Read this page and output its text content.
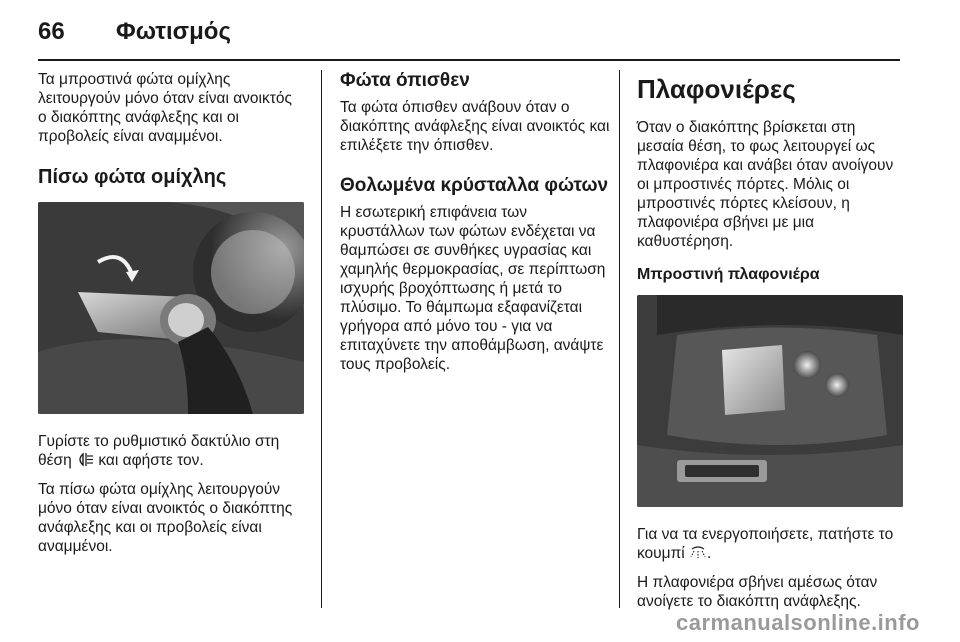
66 Φωτισμός

Τα μπροστινά φώτα ομίχλης λειτουργούν μόνο όταν είναι ανοικτός ο διακόπτης ανάφλεξης και οι προβολείς είναι αναμμένοι.

Πίσω φώτα ομίχλης

Γυρίστε το ρυθμιστικό δακτύλιο στη θέση και αφήστε τον.

Τα πίσω φώτα ομίχλης λειτουργούν μόνο όταν είναι ανοικτός ο διακόπτης ανάφλεξης και οι προβολείς είναι αναμμένοι.

Φώτα όπισθεν

Τα φώτα όπισθεν ανάβουν όταν ο διακόπτης ανάφλεξης είναι ανοικτός και επιλέξετε την όπισθεν.

Θολωμένα κρύσταλλα φώτων

Η εσωτερική επιφάνεια των κρυστάλλων των φώτων ενδέχεται να θαμπώσει σε συνθήκες υγρασίας και χαμηλής θερμοκρασίας, σε περίπτωση ισχυρής βροχόπτωσης ή μετά το πλύσιμο. Το θάμπωμα εξαφανίζεται γρήγορα από μόνο του - για να επιταχύνετε την αποθάμβωση, ανάψτε τους προβολείς.

Πλαφονιέρες

Όταν ο διακόπτης βρίσκεται στη μεσαία θέση, το φως λειτουργεί ως πλαφονιέρα και ανάβει όταν ανοίγουν οι μπροστινές πόρτες. Μόλις οι μπροστινές πόρτες κλείσουν, η πλαφονιέρα σβήνει με μια καθυστέρηση.

Μπροστινή πλαφονιέρα

Για να τα ενεργοποιήσετε, πατήστε το κουμπί .

Η πλαφονιέρα σβήνει αμέσως όταν ανοίγετε το διακόπτη ανάφλεξης.

carmanualsonline.info
